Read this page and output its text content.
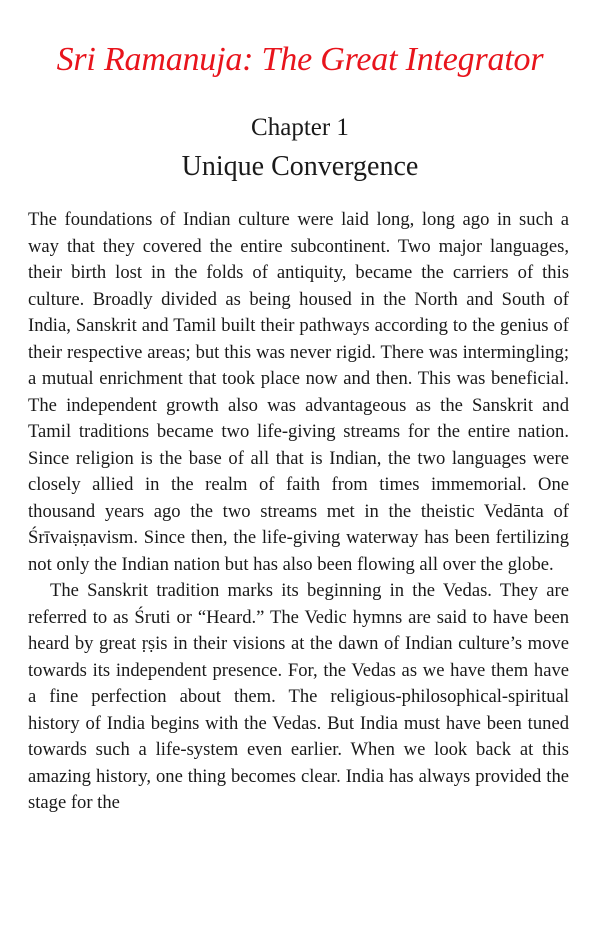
Sri Ramanuja: The Great Integrator
Chapter 1
Unique Convergence

The foundations of Indian culture were laid long, long ago in such a way that they covered the entire subcontinent. Two major languages, their birth lost in the folds of antiquity, became the carriers of this culture. Broadly divided as being housed in the North and South of India, Sanskrit and Tamil built their pathways according to the genius of their respective areas; but this was never rigid. There was intermingling; a mutual enrichment that took place now and then. This was beneficial. The independent growth also was advantageous as the Sanskrit and Tamil traditions became two life-giving streams for the entire nation. Since religion is the base of all that is Indian, the two languages were closely allied in the realm of faith from times immemorial. One thousand years ago the two streams met in the theistic Vedānta of Śrīvaiṣṇavism. Since then, the life-giving waterway has been fertilizing not only the Indian nation but has also been flowing all over the globe.

The Sanskrit tradition marks its beginning in the Vedas. They are referred to as Śruti or “Heard.” The Vedic hymns are said to have been heard by great ṛṣis in their visions at the dawn of Indian culture’s move towards its independent presence. For, the Vedas as we have them have a fine perfection about them. The religious-philosophical-spiritual history of India begins with the Vedas. But India must have been tuned towards such a life-system even earlier. When we look back at this amazing history, one thing becomes clear. India has always provided the stage for the
